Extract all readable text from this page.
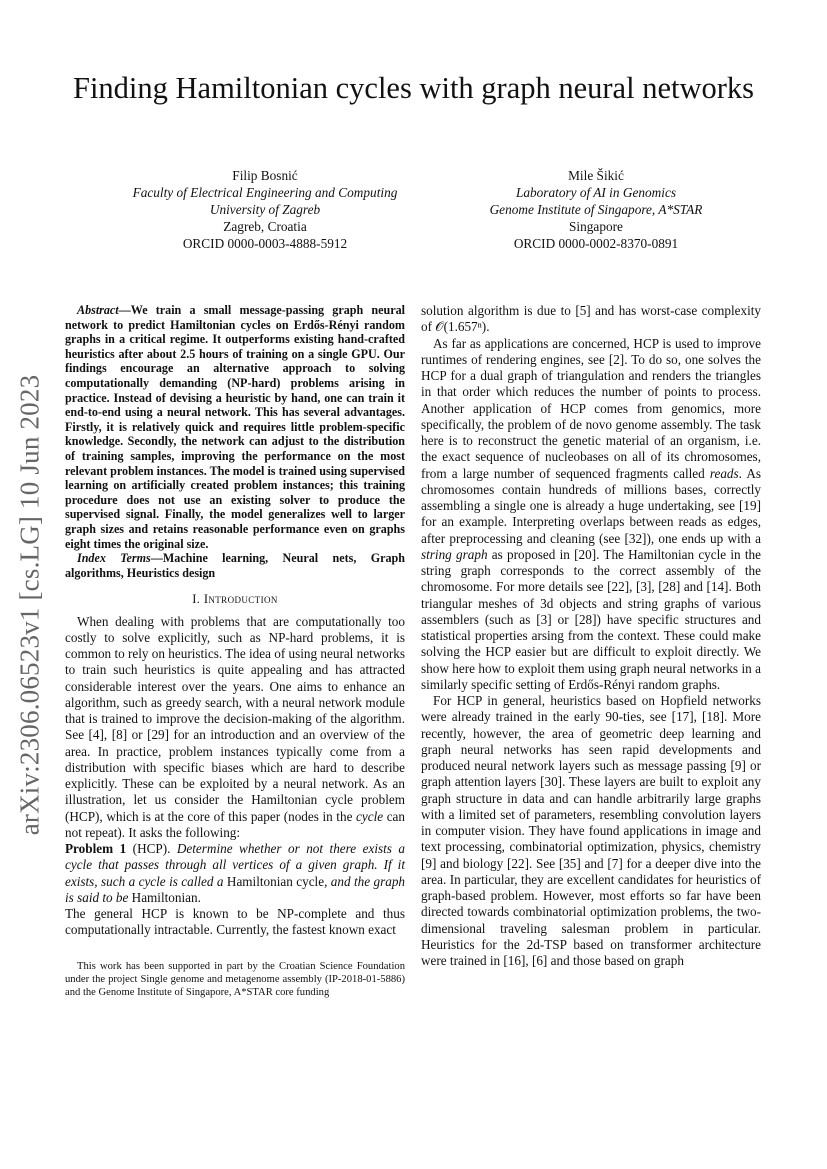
arXiv:2306.06523v1 [cs.LG] 10 Jun 2023
Finding Hamiltonian cycles with graph neural networks
Filip Bosnić
Faculty of Electrical Engineering and Computing
University of Zagreb
Zagreb, Croatia
ORCID 0000-0003-4888-5912
Mile Šikić
Laboratory of AI in Genomics
Genome Institute of Singapore, A*STAR
Singapore
ORCID 0000-0002-8370-0891

Abstract—We train a small message-passing graph neural network to predict Hamiltonian cycles on Erdős-Rényi random graphs in a critical regime. It outperforms existing hand-crafted heuristics after about 2.5 hours of training on a single GPU. Our findings encourage an alternative approach to solving computationally demanding (NP-hard) problems arising in practice. Instead of devising a heuristic by hand, one can train it end-to-end using a neural network. This has several advantages. Firstly, it is relatively quick and requires little problem-specific knowledge. Secondly, the network can adjust to the distribution of training samples, improving the performance on the most relevant problem instances. The model is trained using supervised learning on artificially created problem instances; this training procedure does not use an existing solver to produce the supervised signal. Finally, the model generalizes well to larger graph sizes and retains reasonable performance even on graphs eight times the original size.

Index Terms—Machine learning, Neural nets, Graph algorithms, Heuristics design

I. Introduction

When dealing with problems that are computationally too costly to solve explicitly, such as NP-hard problems, it is common to rely on heuristics. The idea of using neural networks to train such heuristics is quite appealing and has attracted considerable interest over the years. One aims to enhance an algorithm, such as greedy search, with a neural network module that is trained to improve the decision-making of the algorithm. See [4], [8] or [29] for an introduction and an overview of the area. In practice, problem instances typically come from a distribution with specific biases which are hard to describe explicitly. These can be exploited by a neural network. As an illustration, let us consider the Hamiltonian cycle problem (HCP), which is at the core of this paper (nodes in the cycle can not repeat). It asks the following:

Problem 1 (HCP). Determine whether or not there exists a cycle that passes through all vertices of a given graph. If it exists, such a cycle is called a Hamiltonian cycle, and the graph is said to be Hamiltonian.

The general HCP is known to be NP-complete and thus computationally intractable. Currently, the fastest known exact

This work has been supported in part by the Croatian Science Foundation under the project Single genome and metagenome assembly (IP-2018-01-5886) and the Genome Institute of Singapore, A*STAR core funding

solution algorithm is due to [5] and has worst-case complexity of 𝒪(1.657ⁿ).

As far as applications are concerned, HCP is used to improve runtimes of rendering engines, see [2]. To do so, one solves the HCP for a dual graph of triangulation and renders the triangles in that order which reduces the number of points to process. Another application of HCP comes from genomics, more specifically, the problem of de novo genome assembly. The task here is to reconstruct the genetic material of an organism, i.e. the exact sequence of nucleobases on all of its chromosomes, from a large number of sequenced fragments called reads. As chromosomes contain hundreds of millions bases, correctly assembling a single one is already a huge undertaking, see [19] for an example. Interpreting overlaps between reads as edges, after preprocessing and cleaning (see [32]), one ends up with a string graph as proposed in [20]. The Hamiltonian cycle in the string graph corresponds to the correct assembly of the chromosome. For more details see [22], [3], [28] and [14]. Both triangular meshes of 3d objects and string graphs of various assemblers (such as [3] or [28]) have specific structures and statistical properties arsing from the context. These could make solving the HCP easier but are difficult to exploit directly. We show here how to exploit them using graph neural networks in a similarly specific setting of Erdős-Rényi random graphs.

For HCP in general, heuristics based on Hopfield networks were already trained in the early 90-ties, see [17], [18]. More recently, however, the area of geometric deep learning and graph neural networks has seen rapid developments and produced neural network layers such as message passing [9] or graph attention layers [30]. These layers are built to exploit any graph structure in data and can handle arbitrarily large graphs with a limited set of parameters, resembling convolution layers in computer vision. They have found applications in image and text processing, combinatorial optimization, physics, chemistry [9] and biology [22]. See [35] and [7] for a deeper dive into the area. In particular, they are excellent candidates for heuristics of graph-based problem. However, most efforts so far have been directed towards combinatorial optimization problems, the two-dimensional traveling salesman problem in particular. Heuristics for the 2d-TSP based on transformer architecture were trained in [16], [6] and those based on graph
